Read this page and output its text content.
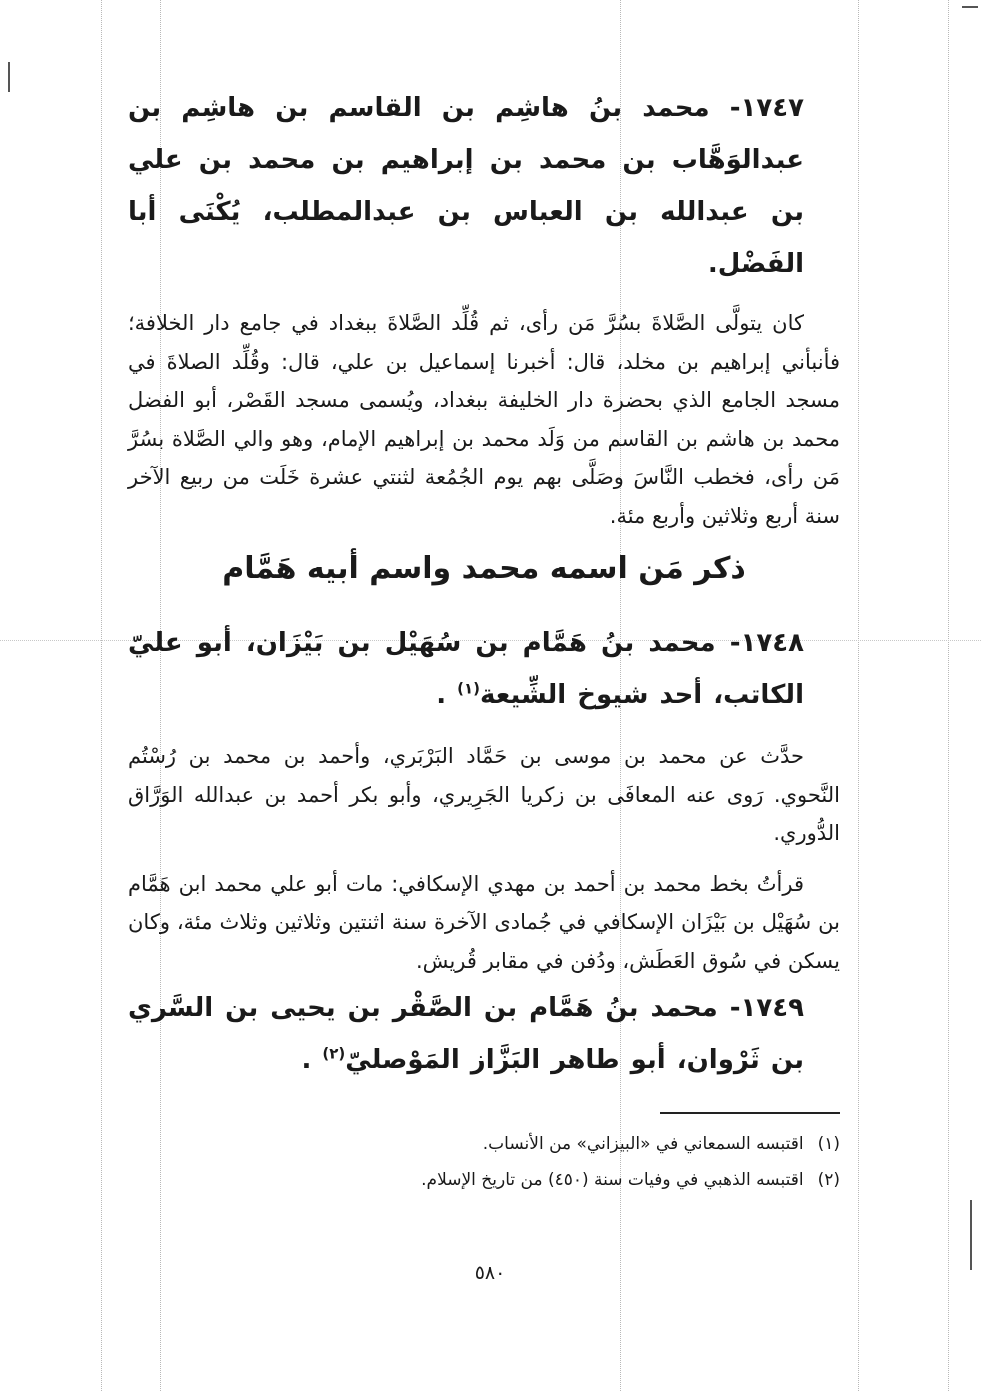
١٧٤٧- محمد بنُ هاشِم بن القاسم بن هاشِم بن عبدالوَهَّاب بن محمد بن إبراهيم بن محمد بن علي بن عبدالله بن العباس بن عبدالمطلب، يُكْنَى أبا الفَضْل.

كان يتولَّى الصَّلاةَ بسُرَّ مَن رأى، ثم قُلِّد الصَّلاةَ ببغداد في جامع دار الخلافة؛ فأنبأني إبراهيم بن مخلد، قال: أخبرنا إسماعيل بن علي، قال: وقُلِّد الصلاةَ في مسجد الجامع الذي بحضرة دار الخليفة ببغداد، ويُسمى مسجد القَصْر، أبو الفضل محمد بن هاشم بن القاسم من وَلَد محمد بن إبراهيم الإمام، وهو والي الصَّلاة بسُرَّ مَن رأى، فخطب النَّاسَ وصَلَّى بهم يوم الجُمُعة لثنتي عشرة خَلَت من ربيع الآخر سنة أربع وثلاثين وأربع مئة.

ذكر مَن اسمه محمد واسم أبيه هَمَّام

١٧٤٨- محمد بنُ هَمَّام بن سُهَيْل بن بَيْزَان، أبو عليّ الكاتب، أحد شيوخ الشِّيعة$^{(١)}$ .

حدَّث عن محمد بن موسى بن حَمَّاد البَرْبَري، وأحمد بن محمد بن رُسْتُم النَّحوي. رَوى عنه المعافَى بن زكريا الجَرِيري، وأبو بكر أحمد بن عبدالله الوَرَّاق الدُّوري.

قرأتُ بخط محمد بن أحمد بن مهدي الإسكافي: مات أبو علي محمد ابن هَمَّام بن سُهَيْل بن بَيْزَان الإسكافي في جُمادى الآخرة سنة اثنتين وثلاثين وثلاث مئة، وكان يسكن في سُوق العَطَش، ودُفن في مقابر قُريش.

١٧٤٩- محمد بنُ هَمَّام بن الصَّقْر بن يحيى بن السَّري بن ثَرْوان، أبو طاهر البَزَّاز المَوْصليّ$^{(٢)}$ .

(١)اقتبسه السمعاني في «البيزاني» من الأنساب.

(٢)اقتبسه الذهبي في وفيات سنة (٤٥٠) من تاريخ الإسلام.

٥٨٠
